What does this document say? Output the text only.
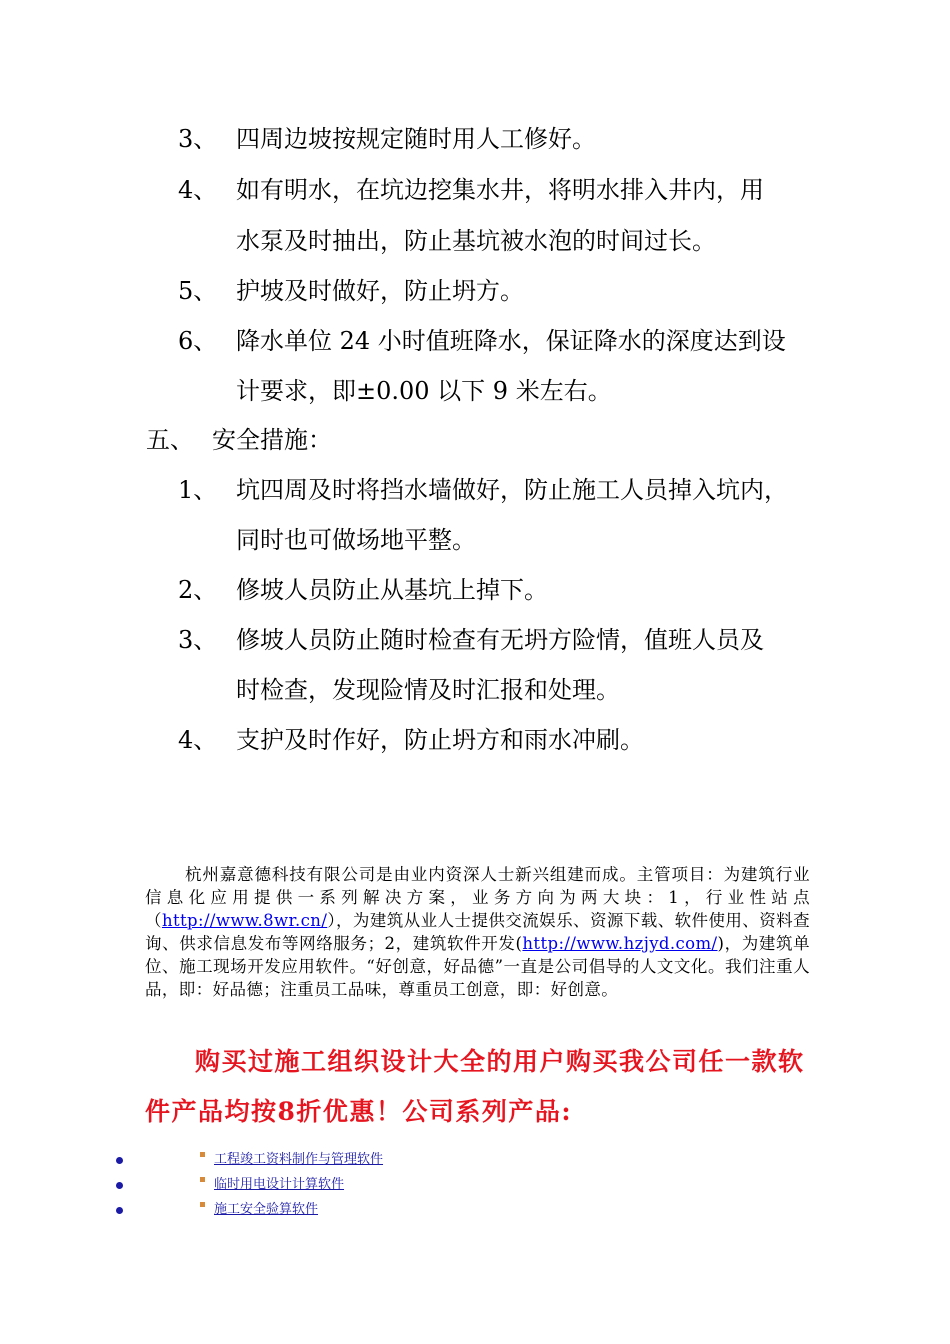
3、 四周边坡按规定随时用人工修好。
4、 如有明水，在坑边挖集水井，将明水排入井内，用
水泵及时抽出，防止基坑被水泡的时间过长。
5、 护坡及时做好，防止坍方。
6、 降水单位 24 小时值班降水，保证降水的深度达到设
计要求，即±0.00 以下 9 米左右。
五、 安全措施：
1、 坑四周及时将挡水墙做好，防止施工人员掉入坑内，
同时也可做场地平整。
2、 修坡人员防止从基坑上掉下。
3、 修坡人员防止随时检查有无坍方险情，值班人员及
时检查，发现险情及时汇报和处理。
4、 支护及时作好，防止坍方和雨水冲刷。

杭州嘉意德科技有限公司是由业内资深人士新兴组建而成。主管项目：为建筑行业信息化应用提供一系列解决方案，业务方向为两大块：1，行业性站点（http://www.8wr.cn/），为建筑从业人士提供交流娱乐、资源下载、软件使用、资料查询、供求信息发布等网络服务；2，建筑软件开发(http://www.hzjyd.com/)，为建筑单位、施工现场开发应用软件。“好创意，好品德”一直是公司倡导的人文文化。我们注重人品，即：好品德；注重员工品味，尊重员工创意，即：好创意。

购买过施工组织设计大全的用户购买我公司任一款软件产品均按8折优惠！公司系列产品:
工程竣工资料制作与管理软件
临时用电设计计算软件
施工安全验算软件
